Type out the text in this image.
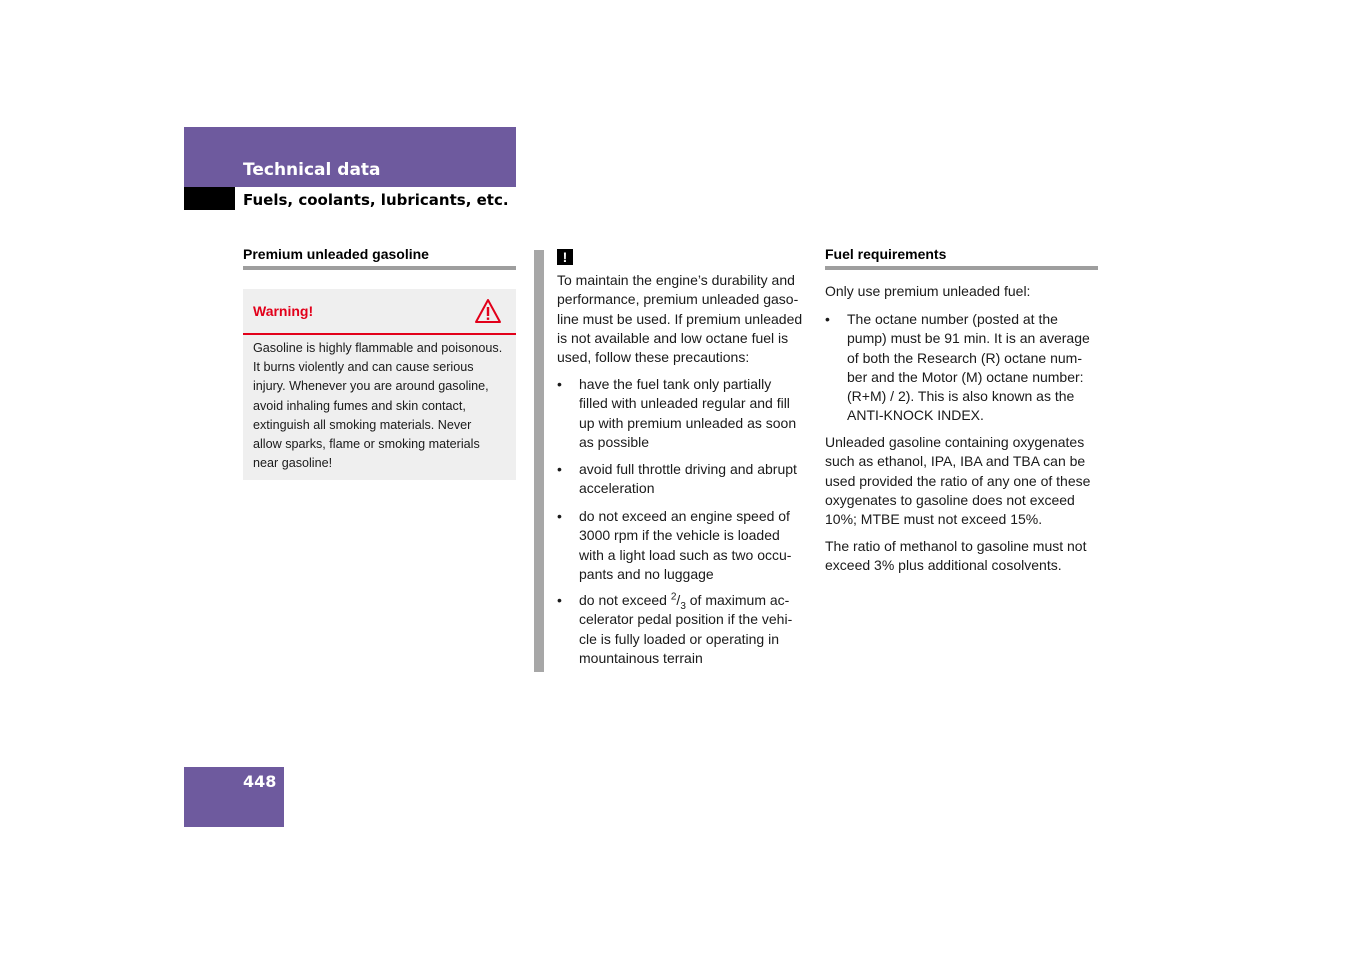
Technical data
Fuels, coolants, lubricants, etc.
Premium unleaded gasoline
Warning!
Gasoline is highly flammable and poisonous.
It burns violently and can cause serious
injury. Whenever you are around gasoline,
avoid inhaling fumes and skin contact,
extinguish all smoking materials. Never
allow sparks, flame or smoking materials
near gasoline!
!
To maintain the engine’s durability and
performance, premium unleaded gaso-
line must be used. If premium unleaded
is not available and low octane fuel is
used, follow these precautions:
• have the fuel tank only partially
filled with unleaded regular and fill
up with premium unleaded as soon
as possible
• avoid full throttle driving and abrupt
acceleration
• do not exceed an engine speed of
3000 rpm if the vehicle is loaded
with a light load such as two occu-
pants and no luggage
• do not exceed $^2/_3$ of maximum ac-
celerator pedal position if the vehi-
cle is fully loaded or operating in
mountainous terrain
Fuel requirements
Only use premium unleaded fuel:
• The octane number (posted at the
pump) must be 91 min. It is an average
of both the Research (R) octane num-
ber and the Motor (M) octane number:
(R+M) / 2). This is also known as the
ANTI-KNOCK INDEX.
Unleaded gasoline containing oxygenates
such as ethanol, IPA, IBA and TBA can be
used provided the ratio of any one of these
oxygenates to gasoline does not exceed
10%; MTBE must not exceed 15%.
The ratio of methanol to gasoline must not
exceed 3% plus additional cosolvents.
448
